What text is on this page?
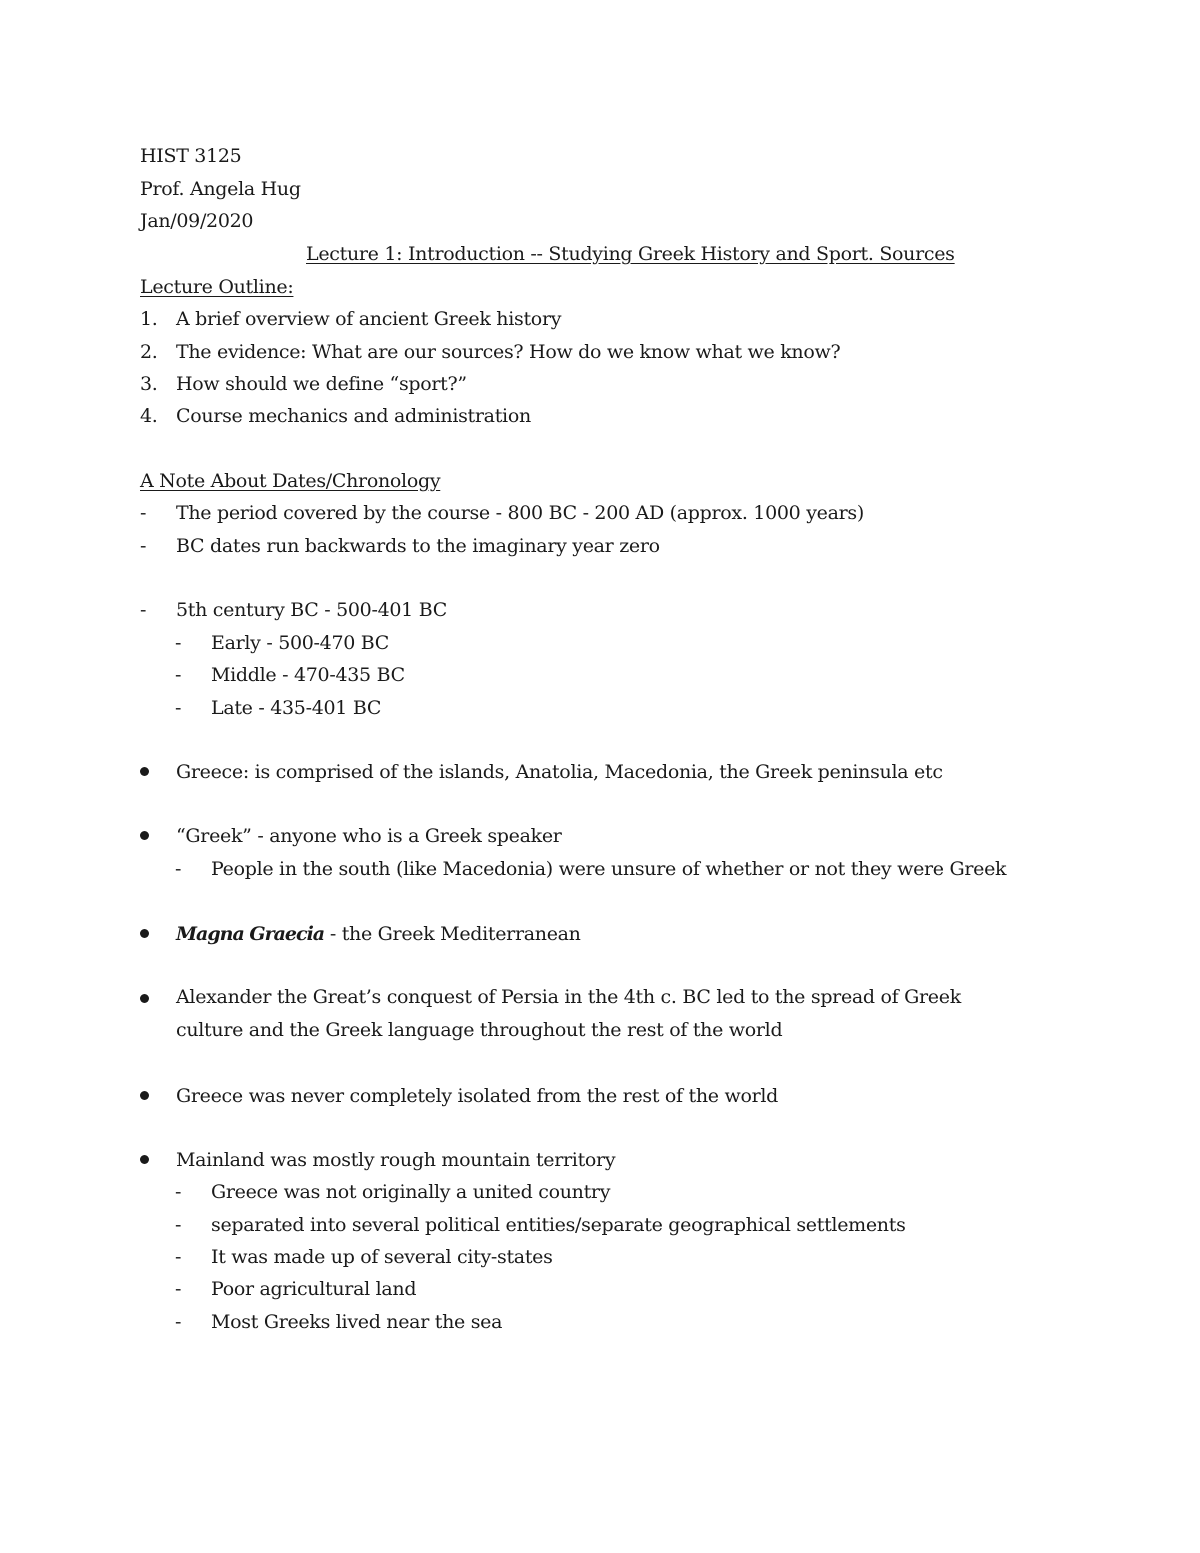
HIST 3125
Prof. Angela Hug
Jan/09/2020
Lecture 1: Introduction -- Studying Greek History and Sport. Sources
Lecture Outline:
1. A brief overview of ancient Greek history
2. The evidence: What are our sources? How do we know what we know?
3. How should we define “sport?”
4. Course mechanics and administration
A Note About Dates/Chronology
- The period covered by the course - 800 BC - 200 AD (approx. 1000 years)
- BC dates run backwards to the imaginary year zero
- 5th century BC - 500-401 BC
- Early - 500-470 BC
- Middle - 470-435 BC
- Late - 435-401 BC
Greece: is comprised of the islands, Anatolia, Macedonia, the Greek peninsula etc
“Greek” - anyone who is a Greek speaker
- People in the south (like Macedonia) were unsure of whether or not they were Greek
Magna Graecia - the Greek Mediterranean
Alexander the Great’s conquest of Persia in the 4th c. BC led to the spread of Greek culture and the Greek language throughout the rest of the world
Greece was never completely isolated from the rest of the world
Mainland was mostly rough mountain territory
- Greece was not originally a united country
- separated into several political entities/separate geographical settlements
- It was made up of several city-states
- Poor agricultural land
- Most Greeks lived near the sea
